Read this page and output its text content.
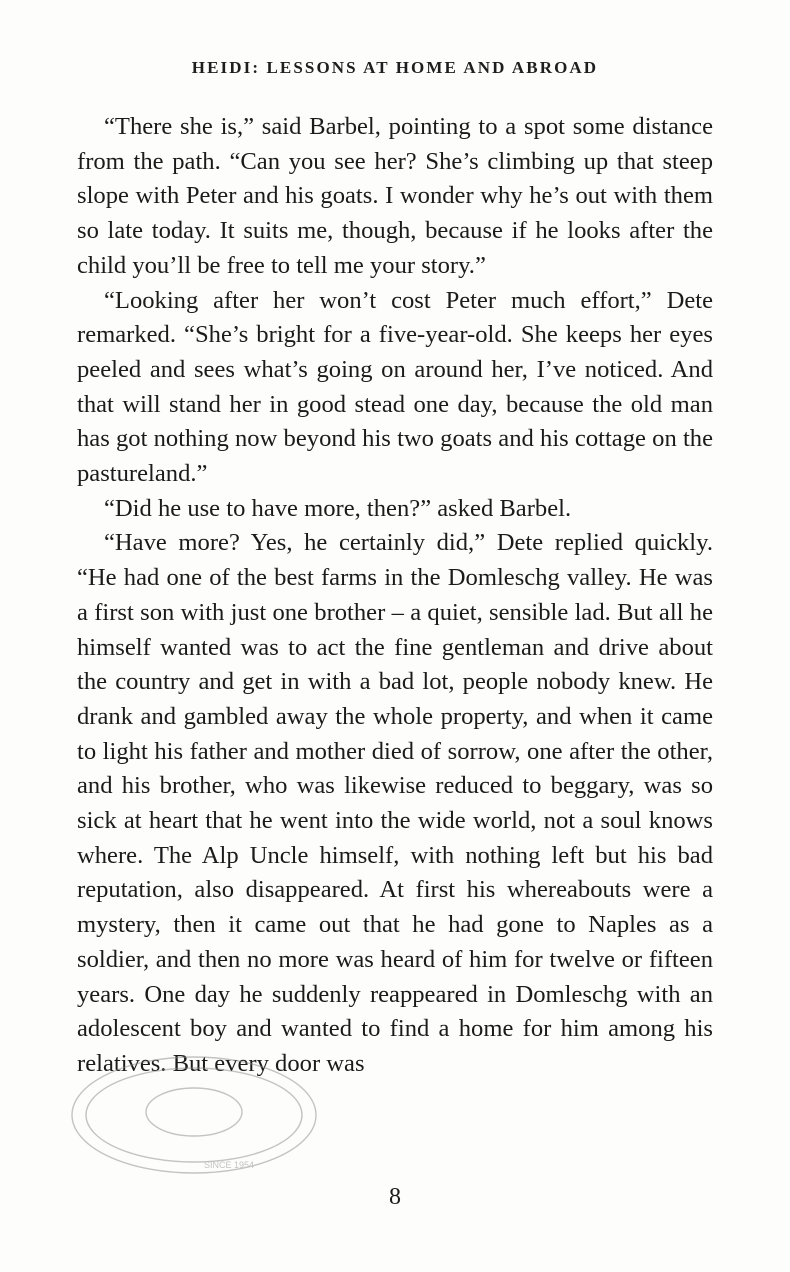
HEIDI: LESSONS AT HOME AND ABROAD

“There she is,” said Barbel, pointing to a spot some distance from the path. “Can you see her? She’s climbing up that steep slope with Peter and his goats. I wonder why he’s out with them so late today. It suits me, though, because if he looks after the child you’ll be free to tell me your story.”

“Looking after her won’t cost Peter much effort,” Dete remarked. “She’s bright for a five-year-old. She keeps her eyes peeled and sees what’s going on around her, I’ve noticed. And that will stand her in good stead one day, because the old man has got nothing now beyond his two goats and his cottage on the pastureland.”

“Did he use to have more, then?” asked Barbel.

“Have more? Yes, he certainly did,” Dete replied quickly. “He had one of the best farms in the Domleschg valley. He was a first son with just one brother – a quiet, sensible lad. But all he himself wanted was to act the fine gentleman and drive about the country and get in with a bad lot, people nobody knew. He drank and gambled away the whole property, and when it came to light his father and mother died of sorrow, one after the other, and his brother, who was likewise reduced to beggary, was so sick at heart that he went into the wide world, not a soul knows where. The Alp Uncle himself, with nothing left but his bad reputation, also disappeared. At first his whereabouts were a mystery, then it came out that he had gone to Naples as a soldier, and then no more was heard of him for twelve or fifteen years. One day he suddenly reappeared in Domleschg with an adolescent boy and wanted to find a home for him among his relatives. But every door was

SINCE 1954
8
